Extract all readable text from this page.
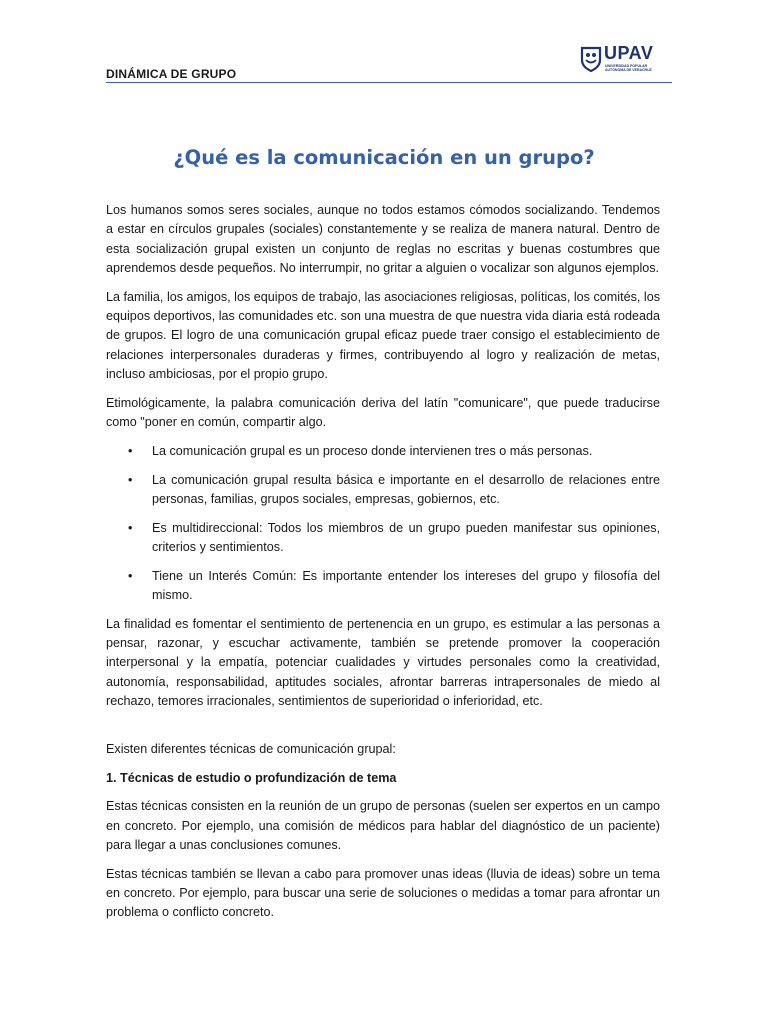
DINÁMICA DE GRUPO
UPAV
UNIVERSIDAD POPULAR AUTÓNOMA DE VERACRUZ
¿Qué es la comunicación en un grupo?

Los humanos somos seres sociales, aunque no todos estamos cómodos socializando. Tendemos a estar en círculos grupales (sociales) constantemente y se realiza de manera natural. Dentro de esta socialización grupal existen un conjunto de reglas no escritas y buenas costumbres que aprendemos desde pequeños. No interrumpir, no gritar a alguien o vocalizar son algunos ejemplos.

La familia, los amigos, los equipos de trabajo, las asociaciones religiosas, políticas, los comités, los equipos deportivos, las comunidades etc. son una muestra de que nuestra vida diaria está rodeada de grupos. El logro de una comunicación grupal eficaz puede traer consigo el establecimiento de relaciones interpersonales duraderas y firmes, contribuyendo al logro y realización de metas, incluso ambiciosas, por el propio grupo.

Etimológicamente, la palabra comunicación deriva del latín "comunicare", que puede traducirse como "poner en común, compartir algo.

• La comunicación grupal es un proceso donde intervienen tres o más personas.
• La comunicación grupal resulta básica e importante en el desarrollo de relaciones entre personas, familias, grupos sociales, empresas, gobiernos, etc.
• Es multidireccional: Todos los miembros de un grupo pueden manifestar sus opiniones, criterios y sentimientos.
• Tiene un Interés Común: Es importante entender los intereses del grupo y filosofía del mismo.

La finalidad es fomentar el sentimiento de pertenencia en un grupo, es estimular a las personas a pensar, razonar, y escuchar activamente, también se pretende promover la cooperación interpersonal y la empatía, potenciar cualidades y virtudes personales como la creatividad, autonomía, responsabilidad, aptitudes sociales, afrontar barreras intrapersonales de miedo al rechazo, temores irracionales, sentimientos de superioridad o inferioridad, etc.

Existen diferentes técnicas de comunicación grupal:

1. Técnicas de estudio o profundización de tema

Estas técnicas consisten en la reunión de un grupo de personas (suelen ser expertos en un campo en concreto. Por ejemplo, una comisión de médicos para hablar del diagnóstico de un paciente) para llegar a unas conclusiones comunes.

Estas técnicas también se llevan a cabo para promover unas ideas (lluvia de ideas) sobre un tema en concreto. Por ejemplo, para buscar una serie de soluciones o medidas a tomar para afrontar un problema o conflicto concreto.
